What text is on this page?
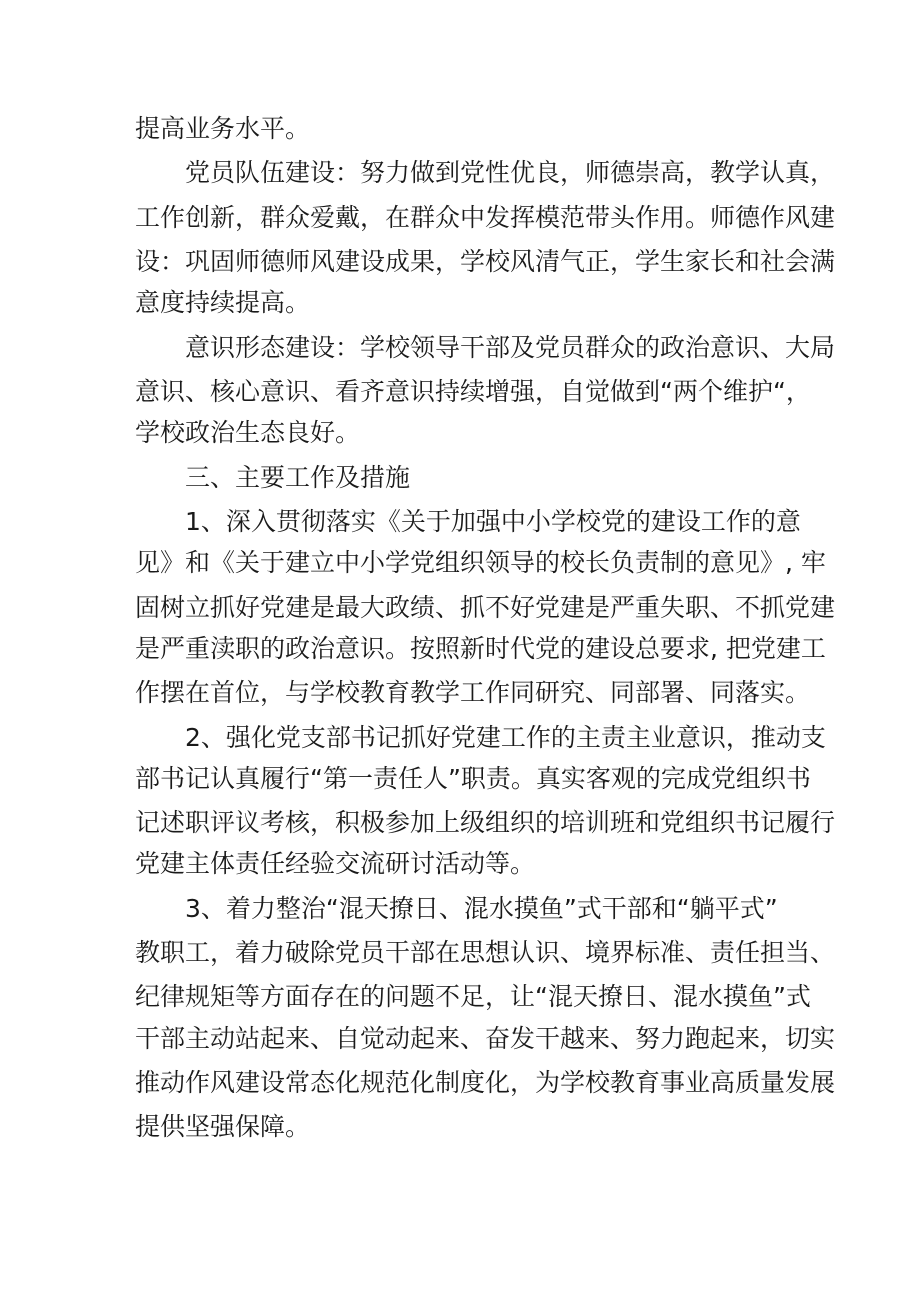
提高业务水平。
党员队伍建设：努力做到党性优良，师德崇高，教学认真，
工作创新，群众爱戴，在群众中发挥模范带头作用。师德作风建
设：巩固师德师风建设成果，学校风清气正，学生家长和社会满
意度持续提高。
意识形态建设：学校领导干部及党员群众的政治意识、大局
意识、核心意识、看齐意识持续增强，自觉做到“两个维护“，
学校政治生态良好。
三、主要工作及措施
1、深入贯彻落实《关于加强中小学校党的建设工作的意
见》和《关于建立中小学党组织领导的校长负责制的意见》, 牢
固树立抓好党建是最大政绩、抓不好党建是严重失职、不抓党建
是严重渎职的政治意识。按照新时代党的建设总要求, 把党建工
作摆在首位，与学校教育教学工作同研究、同部署、同落实。
2、强化党支部书记抓好党建工作的主责主业意识，推动支
部书记认真履行“第一责任人”职责。真实客观的完成党组织书
记述职评议考核，积极参加上级组织的培训班和党组织书记履行
党建主体责任经验交流研讨活动等。
3、着力整治“混天撩日、混水摸鱼”式干部和“躺平式”
教职工，着力破除党员干部在思想认识、境界标准、责任担当、
纪律规矩等方面存在的问题不足，让“混天撩日、混水摸鱼”式
干部主动站起来、自觉动起来、奋发干越来、努力跑起来，切实
推动作风建设常态化规范化制度化，为学校教育事业高质量发展
提供坚强保障。
